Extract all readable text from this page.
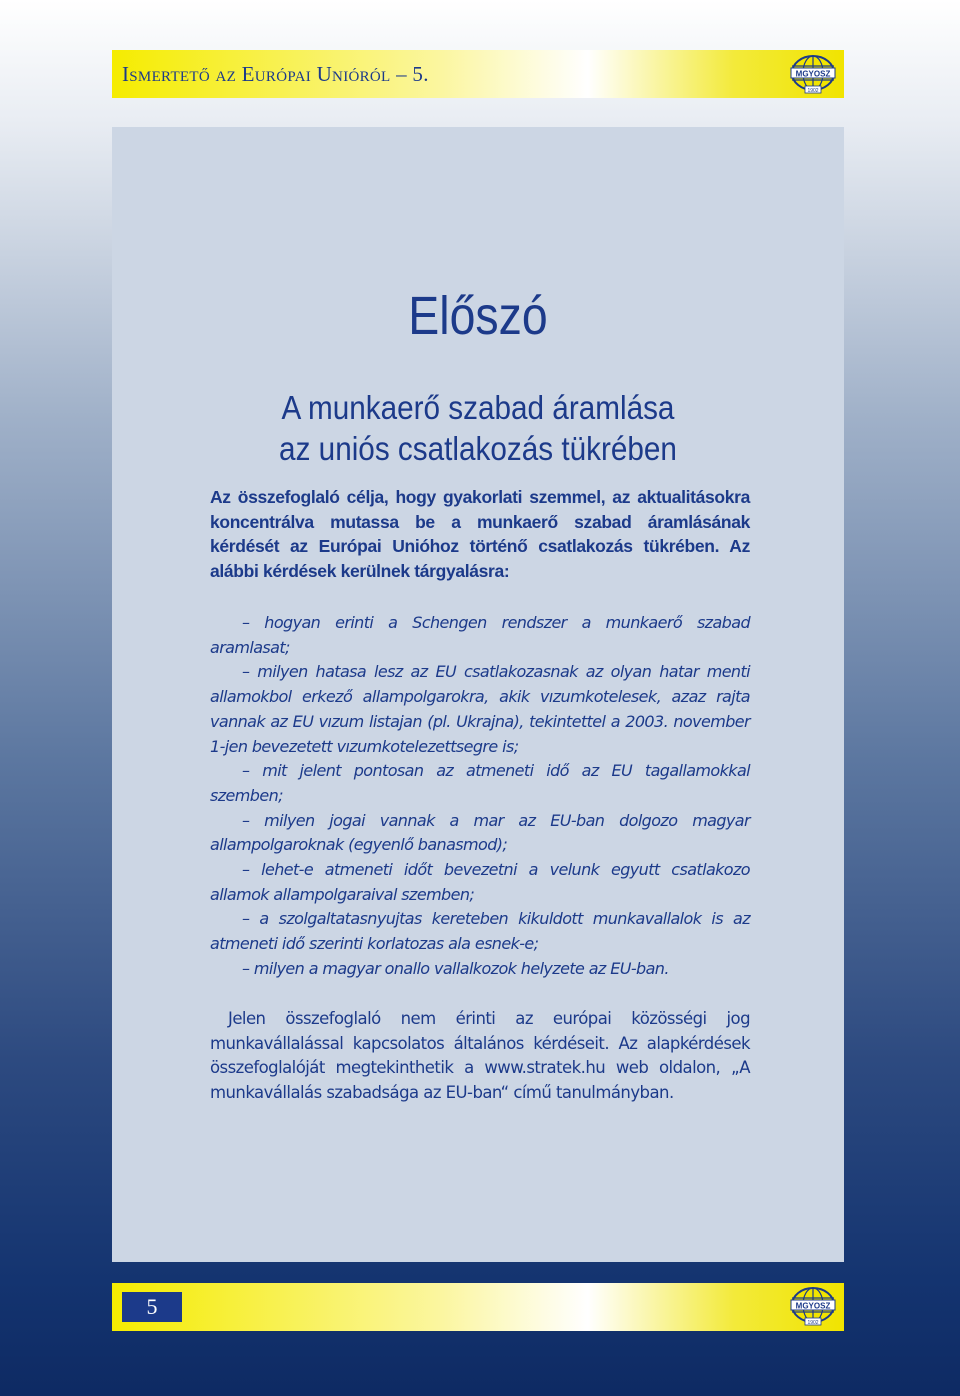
Ismertető az Európai Unióról – 5.	MGYOSZ
1902
Előszó
A munkaerő szabad áramlása
az uniós csatlakozás tükrében
Az összefoglaló célja, hogy gyakorlati szemmel, az aktualitásokra koncentrálva mutassa be a munkaerő szabad áramlásának kérdését az Európai Unióhoz történő csatlakozás tükrében. Az alábbi kérdések kerülnek tárgyalásra:

– hogyan erinti a Schengen rendszer a munkaerő szabad aramlasat;

– milyen hatasa lesz az EU csatlakozasnak az olyan hatar menti allamokbol erkező allampolgarokra, akik vızumkotelesek, azaz rajta vannak az EU vızum listajan (pl. Ukrajna), tekintettel a 2003. november 1-jen bevezetett vızumkotelezettsegre is;

– mit jelent pontosan az atmeneti idő az EU tagallamokkal szemben;

– milyen jogai vannak a mar az EU-ban dolgozo magyar allampolgaroknak (egyenlő banasmod);

– lehet-e atmeneti időt bevezetni a velunk egyutt csatlakozo allamok allampolgaraival szemben;

– a szolgaltatasnyujtas kereteben kikuldott munkavallalok is az atmeneti idő szerinti korlatozas ala esnek-e;

– milyen a magyar onallo vallalkozok helyzete az EU-ban.

Jelen összefoglaló nem érinti az európai közösségi jog munkavállalással kapcsolatos általános kérdéseit. Az alapkérdések összefoglalóját megtekinthetik a www.stratek.hu web oldalon, „A munkavállalás szabadsága az EU-ban“ című tanulmányban.

5	MGYOSZ
1902
